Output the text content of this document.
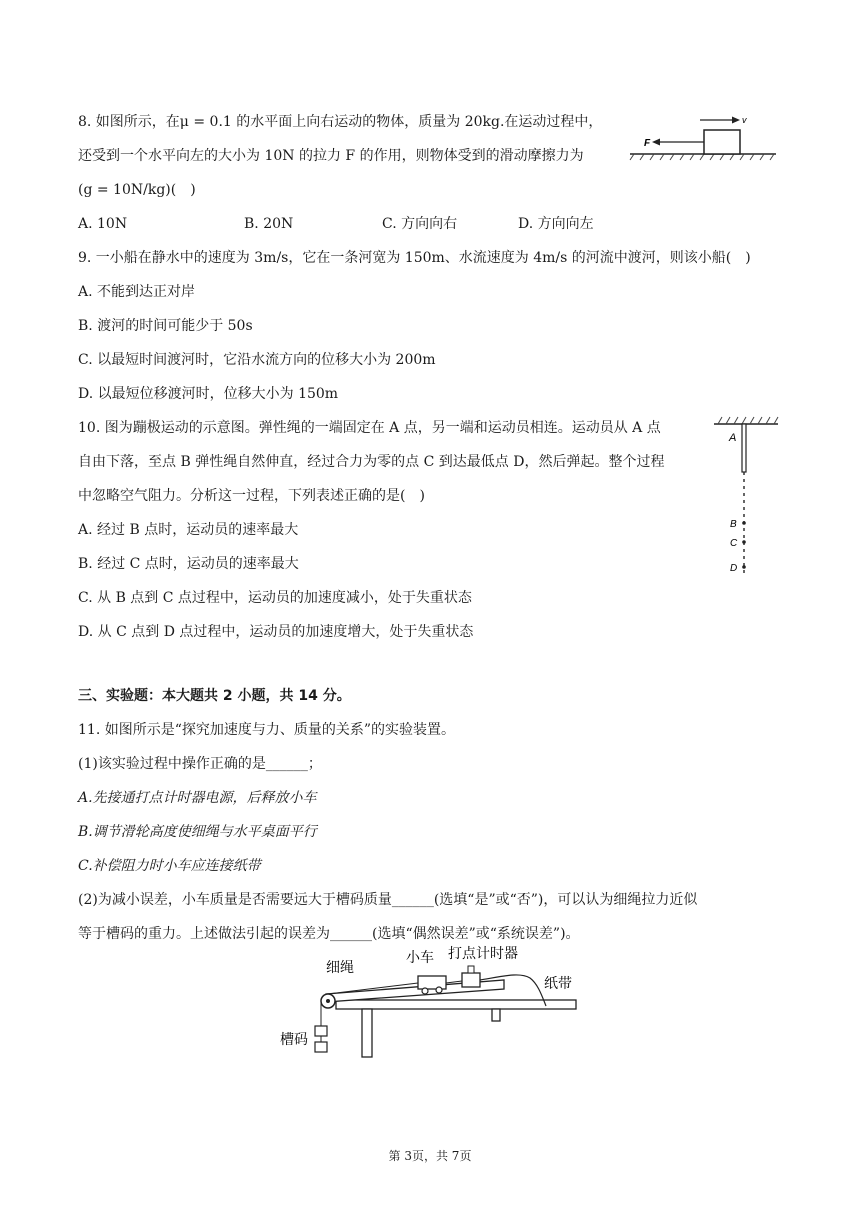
8. 如图所示，在μ = 0.1 的水平面上向右运动的物体，质量为 20kg.在运动过程中，
还受到一个水平向左的大小为 10N 的拉力 F 的作用，则物体受到的滑动摩擦力为
(g = 10N/kg)(　)
A. 10N	B. 20N	C. 方向向右	D. 方向向左
F
v
9. 一小船在静水中的速度为 3m/s，它在一条河宽为 150m、水流速度为 4m/s 的河流中渡河，则该小船(　)
A. 不能到达正对岸
B. 渡河的时间可能少于 50s
C. 以最短时间渡河时，它沿水流方向的位移大小为 200m
D. 以最短位移渡河时，位移大小为 150m
10. 图为蹦极运动的示意图。弹性绳的一端固定在 A 点，另一端和运动员相连。运动员从 A 点
自由下落，至点 B 弹性绳自然伸直，经过合力为零的点 C 到达最低点 D，然后弹起。整个过程
中忽略空气阻力。分析这一过程，下列表述正确的是(　)
A. 经过 B 点时，运动员的速率最大
B. 经过 C 点时，运动员的速率最大
C. 从 B 点到 C 点过程中，运动员的加速度减小，处于失重状态
D. 从 C 点到 D 点过程中，运动员的加速度增大，处于失重状态
A
B
C
D
三、实验题：本大题共 2 小题，共 14 分。
11. 如图所示是“探究加速度与力、质量的关系”的实验装置。
(1)该实验过程中操作正确的是______；
A.先接通打点计时器电源，后释放小车
B.调节滑轮高度使细绳与水平桌面平行
C.补偿阻力时小车应连接纸带
(2)为减小误差，小车质量是否需要远大于槽码质量______(选填“是”或“否”)，可以认为细绳拉力近似
等于槽码的重力。上述做法引起的误差为______(选填“偶然误差”或“系统误差”)。
细绳
小车 打点计时器
纸带
槽码
第 3页，共 7页
